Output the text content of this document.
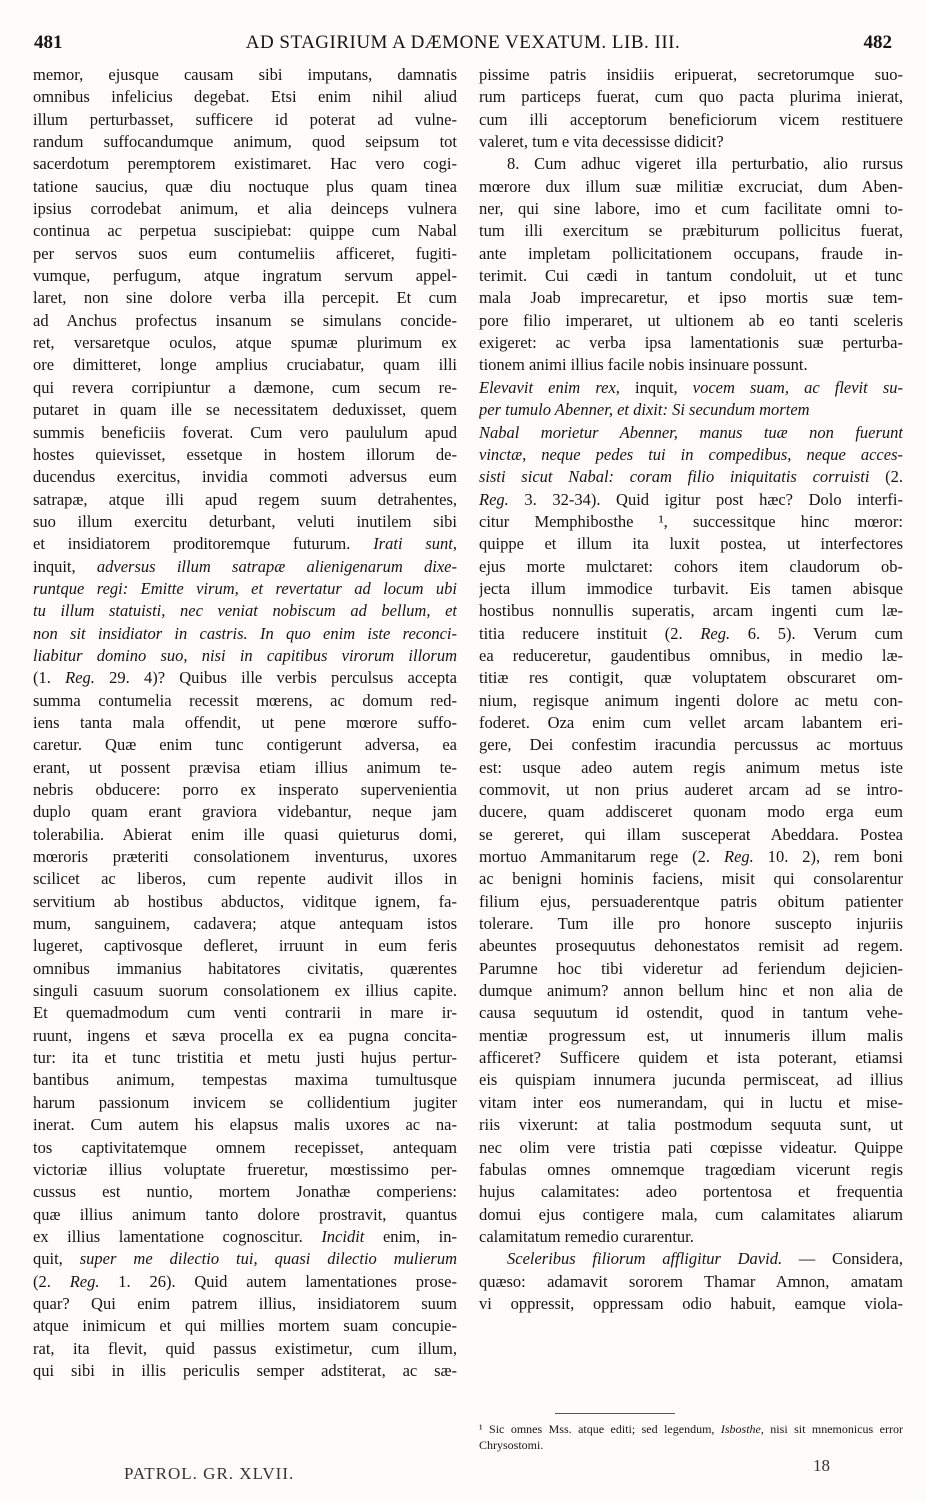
481	AD STAGIRIUM A DÆMONE VEXATUM. LIB. III.	482
memor, ejusque causam sibi imputans, damnatis
omnibus infelicius degebat. Etsi enim nihil aliud
illum perturbasset, sufficere id poterat ad vulne-
randum suffocandumque animum, quod seipsum tot
sacerdotum peremptorem existimaret. Hac vero cogi-
tatione saucius, quæ diu noctuque plus quam tinea
ipsius corrodebat animum, et alia deinceps vulnera
continua ac perpetua suscipiebat: quippe cum Nabal
per servos suos eum contumeliis afficeret, fugiti-
vumque, perfugum, atque ingratum servum appel-
laret, non sine dolore verba illa percepit. Et cum
ad Anchus profectus insanum se simulans concide-
ret, versaretque oculos, atque spumæ plurimum ex
ore dimitteret, longe amplius cruciabatur, quam illi
qui revera corripiuntur a dæmone, cum secum re-
putaret in quam ille se necessitatem deduxisset, quem
summis beneficiis foverat. Cum vero paululum apud
hostes quievisset, essetque in hostem illorum de-
ducendus exercitus, invidia commoti adversus eum
satrapæ, atque illi apud regem suum detrahentes,
suo illum exercitu deturbant, veluti inutilem sibi
et insidiatorem proditoremque futurum. Irati sunt,
inquit, adversus illum satrapæ alienigenarum dixe-
runtque regi: Emitte virum, et revertatur ad locum ubi
tu illum statuisti, nec veniat nobiscum ad bellum, et
non sit insidiator in castris. In quo enim iste reconci-
liabitur domino suo, nisi in capitibus virorum illorum
(1. Reg. 29. 4)? Quibus ille verbis perculsus accepta
summa contumelia recessit mœrens, ac domum red-
iens tanta mala offendit, ut pene mœrore suffo-
caretur. Quæ enim tunc contigerunt adversa, ea
erant, ut possent prævisa etiam illius animum te-
nebris obducere: porro ex insperato supervenientia
duplo quam erant graviora videbantur, neque jam
tolerabilia. Abierat enim ille quasi quieturus domi,
mœroris præteriti consolationem inventurus, uxores
scilicet ac liberos, cum repente audivit illos in
servitium ab hostibus abductos, viditque ignem, fa-
mum, sanguinem, cadavera; atque antequam istos
lugeret, captivosque defleret, irruunt in eum feris
omnibus immanius habitatores civitatis, quærentes
singuli casuum suorum consolationem ex illius capite.
Et quemadmodum cum venti contrarii in mare ir-
ruunt, ingens et sæva procella ex ea pugna concita-
tur: ita et tunc tristitia et metu justi hujus pertur-
bantibus animum, tempestas maxima tumultusque
harum passionum invicem se collidentium jugiter
inerat. Cum autem his elapsus malis uxores ac na-
tos captivitatemque omnem recepisset, antequam
victoriæ illius voluptate frueretur, mœstissimo per-
cussus est nuntio, mortem Jonathæ comperiens:
quæ illius animum tanto dolore prostravit, quantus
ex illius lamentatione cognoscitur. Incidit enim, in-
quit, super me dilectio tui, quasi dilectio mulierum
(2. Reg. 1. 26). Quid autem lamentationes prose-
quar? Qui enim patrem illius, insidiatorem suum
atque inimicum et qui millies mortem suam concupie-
rat, ita flevit, quid passus existimetur, cum illum,
qui sibi in illis periculis semper adstiterat, ac sæ-
pissime patris insidiis eripuerat, secretorumque suo-
rum particeps fuerat, cum quo pacta plurima inierat,
cum illi acceptorum beneficiorum vicem restituere
valeret, tum e vita decessisse didicit?
8. Cum adhuc vigeret illa perturbatio, alio rursus
mœrore dux illum suæ militiæ excruciat, dum Aben-
ner, qui sine labore, imo et cum facilitate omni to-
tum illi exercitum se præbiturum pollicitus fuerat,
ante impletam pollicitationem occupans, fraude in-
terimit. Cui cædi in tantum condoluit, ut et tunc
mala Joab imprecaretur, et ipso mortis suæ tem-
pore filio imperaret, ut ultionem ab eo tanti sceleris
exigeret: ac verba ipsa lamentationis suæ perturba-
tionem animi illius facile nobis insinuare possunt.
Elevavit enim rex, inquit, vocem suam, ac flevit su-
per tumulo Abenner, et dixit: Si secundum mortem
Nabal morietur Abenner, manus tuæ non fuerunt
vinctæ, neque pedes tui in compedibus, neque acces-
sisti sicut Nabal: coram filio iniquitatis corruisti (2.
Reg. 3. 32-34). Quid igitur post hæc? Dolo interfi-
citur Memphibosthe ¹, successitque hinc mœror:
quippe et illum ita luxit postea, ut interfectores
ejus morte mulctaret: cohors item claudorum ob-
jecta illum immodice turbavit. Eis tamen abisque
hostibus nonnullis superatis, arcam ingenti cum læ-
titia reducere instituit (2. Reg. 6. 5). Verum cum
ea reduceretur, gaudentibus omnibus, in medio læ-
titiæ res contigit, quæ voluptatem obscuraret om-
nium, regisque animum ingenti dolore ac metu con-
foderet. Oza enim cum vellet arcam labantem eri-
gere, Dei confestim iracundia percussus ac mortuus
est: usque adeo autem regis animum metus iste
commovit, ut non prius auderet arcam ad se intro-
ducere, quam addisceret quonam modo erga eum
se gereret, qui illam susceperat Abeddara. Postea
mortuo Ammanitarum rege (2. Reg. 10. 2), rem boni
ac benigni hominis faciens, misit qui consolarentur
filium ejus, persuaderentque patris obitum patienter
tolerare. Tum ille pro honore suscepto injuriis
abeuntes prosequutus dehonestatos remisit ad regem.
Parumne hoc tibi videretur ad feriendum dejicien-
dumque animum? annon bellum hinc et non alia de
causa sequutum id ostendit, quod in tantum vehe-
mentiæ progressum est, ut innumeris illum malis
afficeret? Sufficere quidem et ista poterant, etiamsi
eis quispiam innumera jucunda permisceat, ad illius
vitam inter eos numerandam, qui in luctu et mise-
riis vixerunt: at talia postmodum sequuta sunt, ut
nec olim vere tristia pati cœpisse videatur. Quippe
fabulas omnes omnemque tragœdiam vicerunt regis
hujus calamitates: adeo portentosa et frequentia
domui ejus contigere mala, cum calamitates aliarum
calamitatum remedio curarentur.
Sceleribus filiorum affligitur David. — Considera,
quæso: adamavit sororem Thamar Amnon, amatam
vi oppressit, oppressam odio habuit, eamque viola-
¹ Sic omnes Mss. atque editi; sed legendum, Isbosthe, nisi sit mnemonicus error Chrysostomi.
PATROL. GR. XLVII.	18
